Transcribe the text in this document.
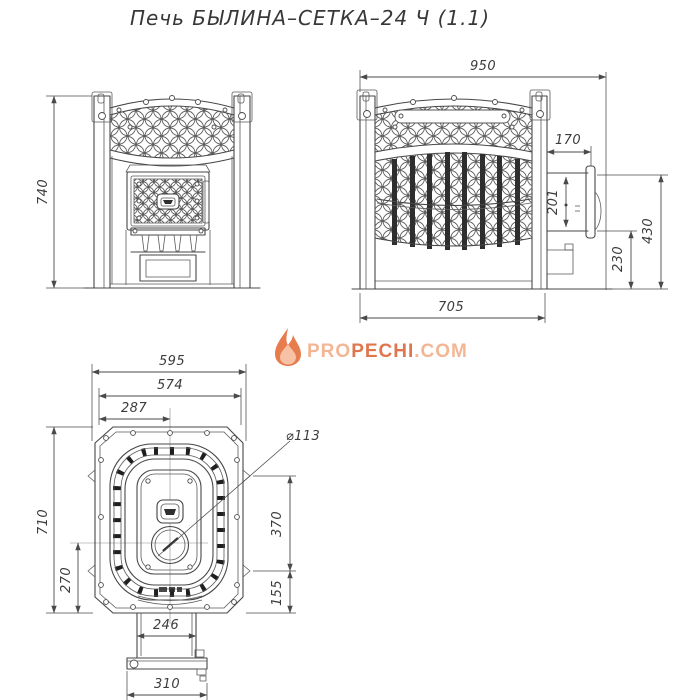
Печь БЫЛИНА–СЕТКА–24 Ч (1.1)
740
950
170
201
430
230
705
⌀113
595
574
287
710
270
370
155
246
310
PROPECHI.COM
